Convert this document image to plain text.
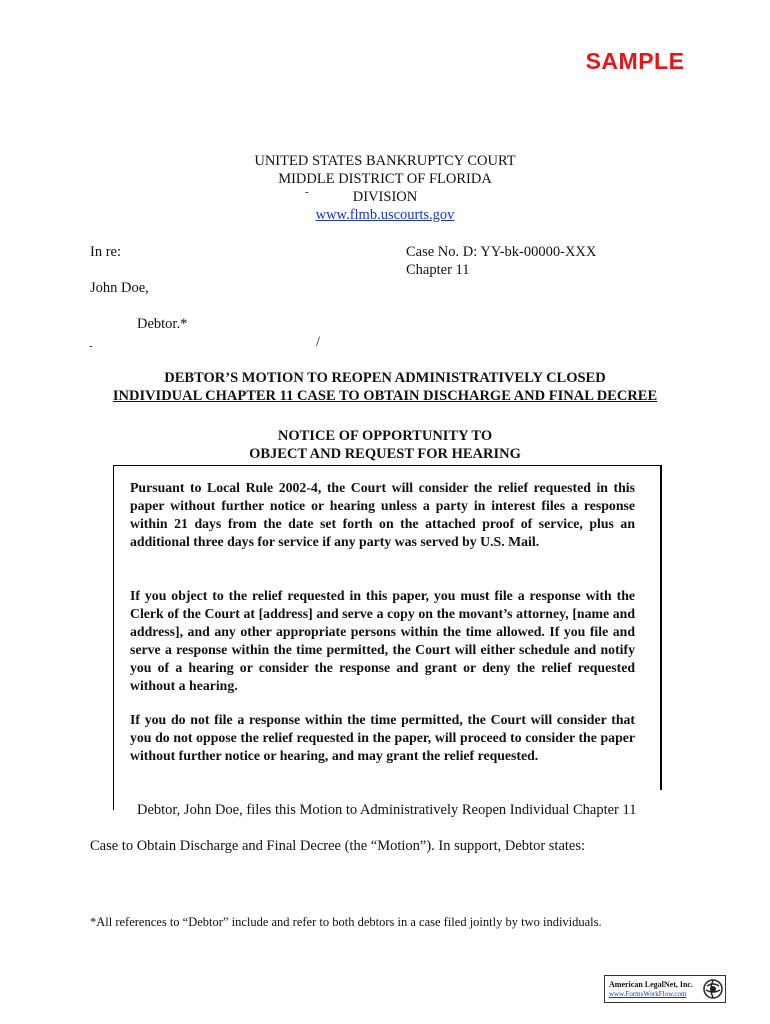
SAMPLE
UNITED STATES BANKRUPTCY COURT
MIDDLE DISTRICT OF FLORIDA
-	DIVISION
www.flmb.uscourts.gov
In re:	Case No. D: YY-bk-00000-XXX
Chapter 11
John Doe,
Debtor.*
-	/
DEBTOR’S MOTION TO REOPEN ADMINISTRATIVELY CLOSED
INDIVIDUAL CHAPTER 11 CASE TO OBTAIN DISCHARGE AND FINAL DECREE
NOTICE OF OPPORTUNITY TO
OBJECT AND REQUEST FOR HEARING
Pursuant to Local Rule 2002-4, the Court will consider the relief requested in this paper without further notice or hearing unless a party in interest files a response within 21 days from the date set forth on the attached proof of service, plus an additional three days for service if any party was served by U.S. Mail.
If you object to the relief requested in this paper, you must file a response with the Clerk of the Court at [address] and serve a copy on the movant’s attorney, [name and address], and any other appropriate persons within the time allowed. If you file and serve a response within the time permitted, the Court will either schedule and notify you of a hearing or consider the response and grant or deny the relief requested without a hearing.
If you do not file a response within the time permitted, the Court will consider that you do not oppose the relief requested in the paper, will proceed to consider the paper without further notice or hearing, and may grant the relief requested.
Debtor, John Doe, files this Motion to Administratively Reopen Individual Chapter 11
Case to Obtain Discharge and Final Decree (the “Motion”). In support, Debtor states:
*All references to “Debtor” include and refer to both debtors in a case filed jointly by two individuals.
American LegalNet, Inc.
www.FormsWorkFlow.com
